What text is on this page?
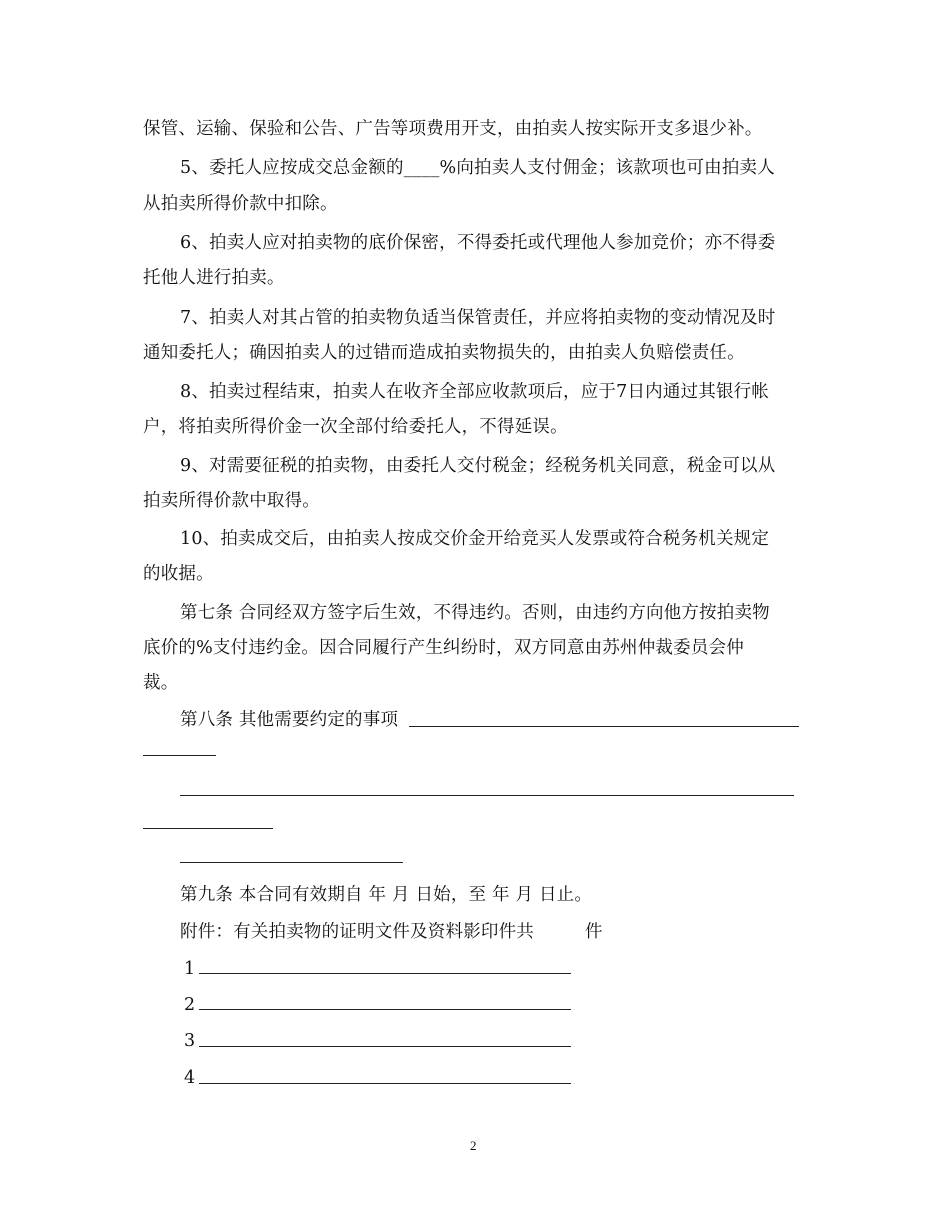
保管、运输、保验和公告、广告等项费用开支，由拍卖人按实际开支多退少补。
5、委托人应按成交总金额的____%向拍卖人支付佣金；该款项也可由拍卖人
从拍卖所得价款中扣除。
6、拍卖人应对拍卖物的底价保密，不得委托或代理他人参加竞价；亦不得委
托他人进行拍卖。
7、拍卖人对其占管的拍卖物负适当保管责任，并应将拍卖物的变动情况及时
通知委托人；确因拍卖人的过错而造成拍卖物损失的，由拍卖人负赔偿责任。
8、拍卖过程结束，拍卖人在收齐全部应收款项后，应于7日内通过其银行帐
户，将拍卖所得价金一次全部付给委托人，不得延误。
9、对需要征税的拍卖物，由委托人交付税金；经税务机关同意，税金可以从
拍卖所得价款中取得。
10、拍卖成交后，由拍卖人按成交价金开给竞买人发票或符合税务机关规定
的收据。
第七条 合同经双方签字后生效，不得违约。否则，由违约方向他方按拍卖物
底价的%支付违约金。因合同履行产生纠纷时，双方同意由苏州仲裁委员会仲
裁。
第八条 其他需要约定的事项
第九条 本合同有效期自 年 月 日始，至 年 月 日止。
附件：有关拍卖物的证明文件及资料影印件共	件
1
2
3
4
2
